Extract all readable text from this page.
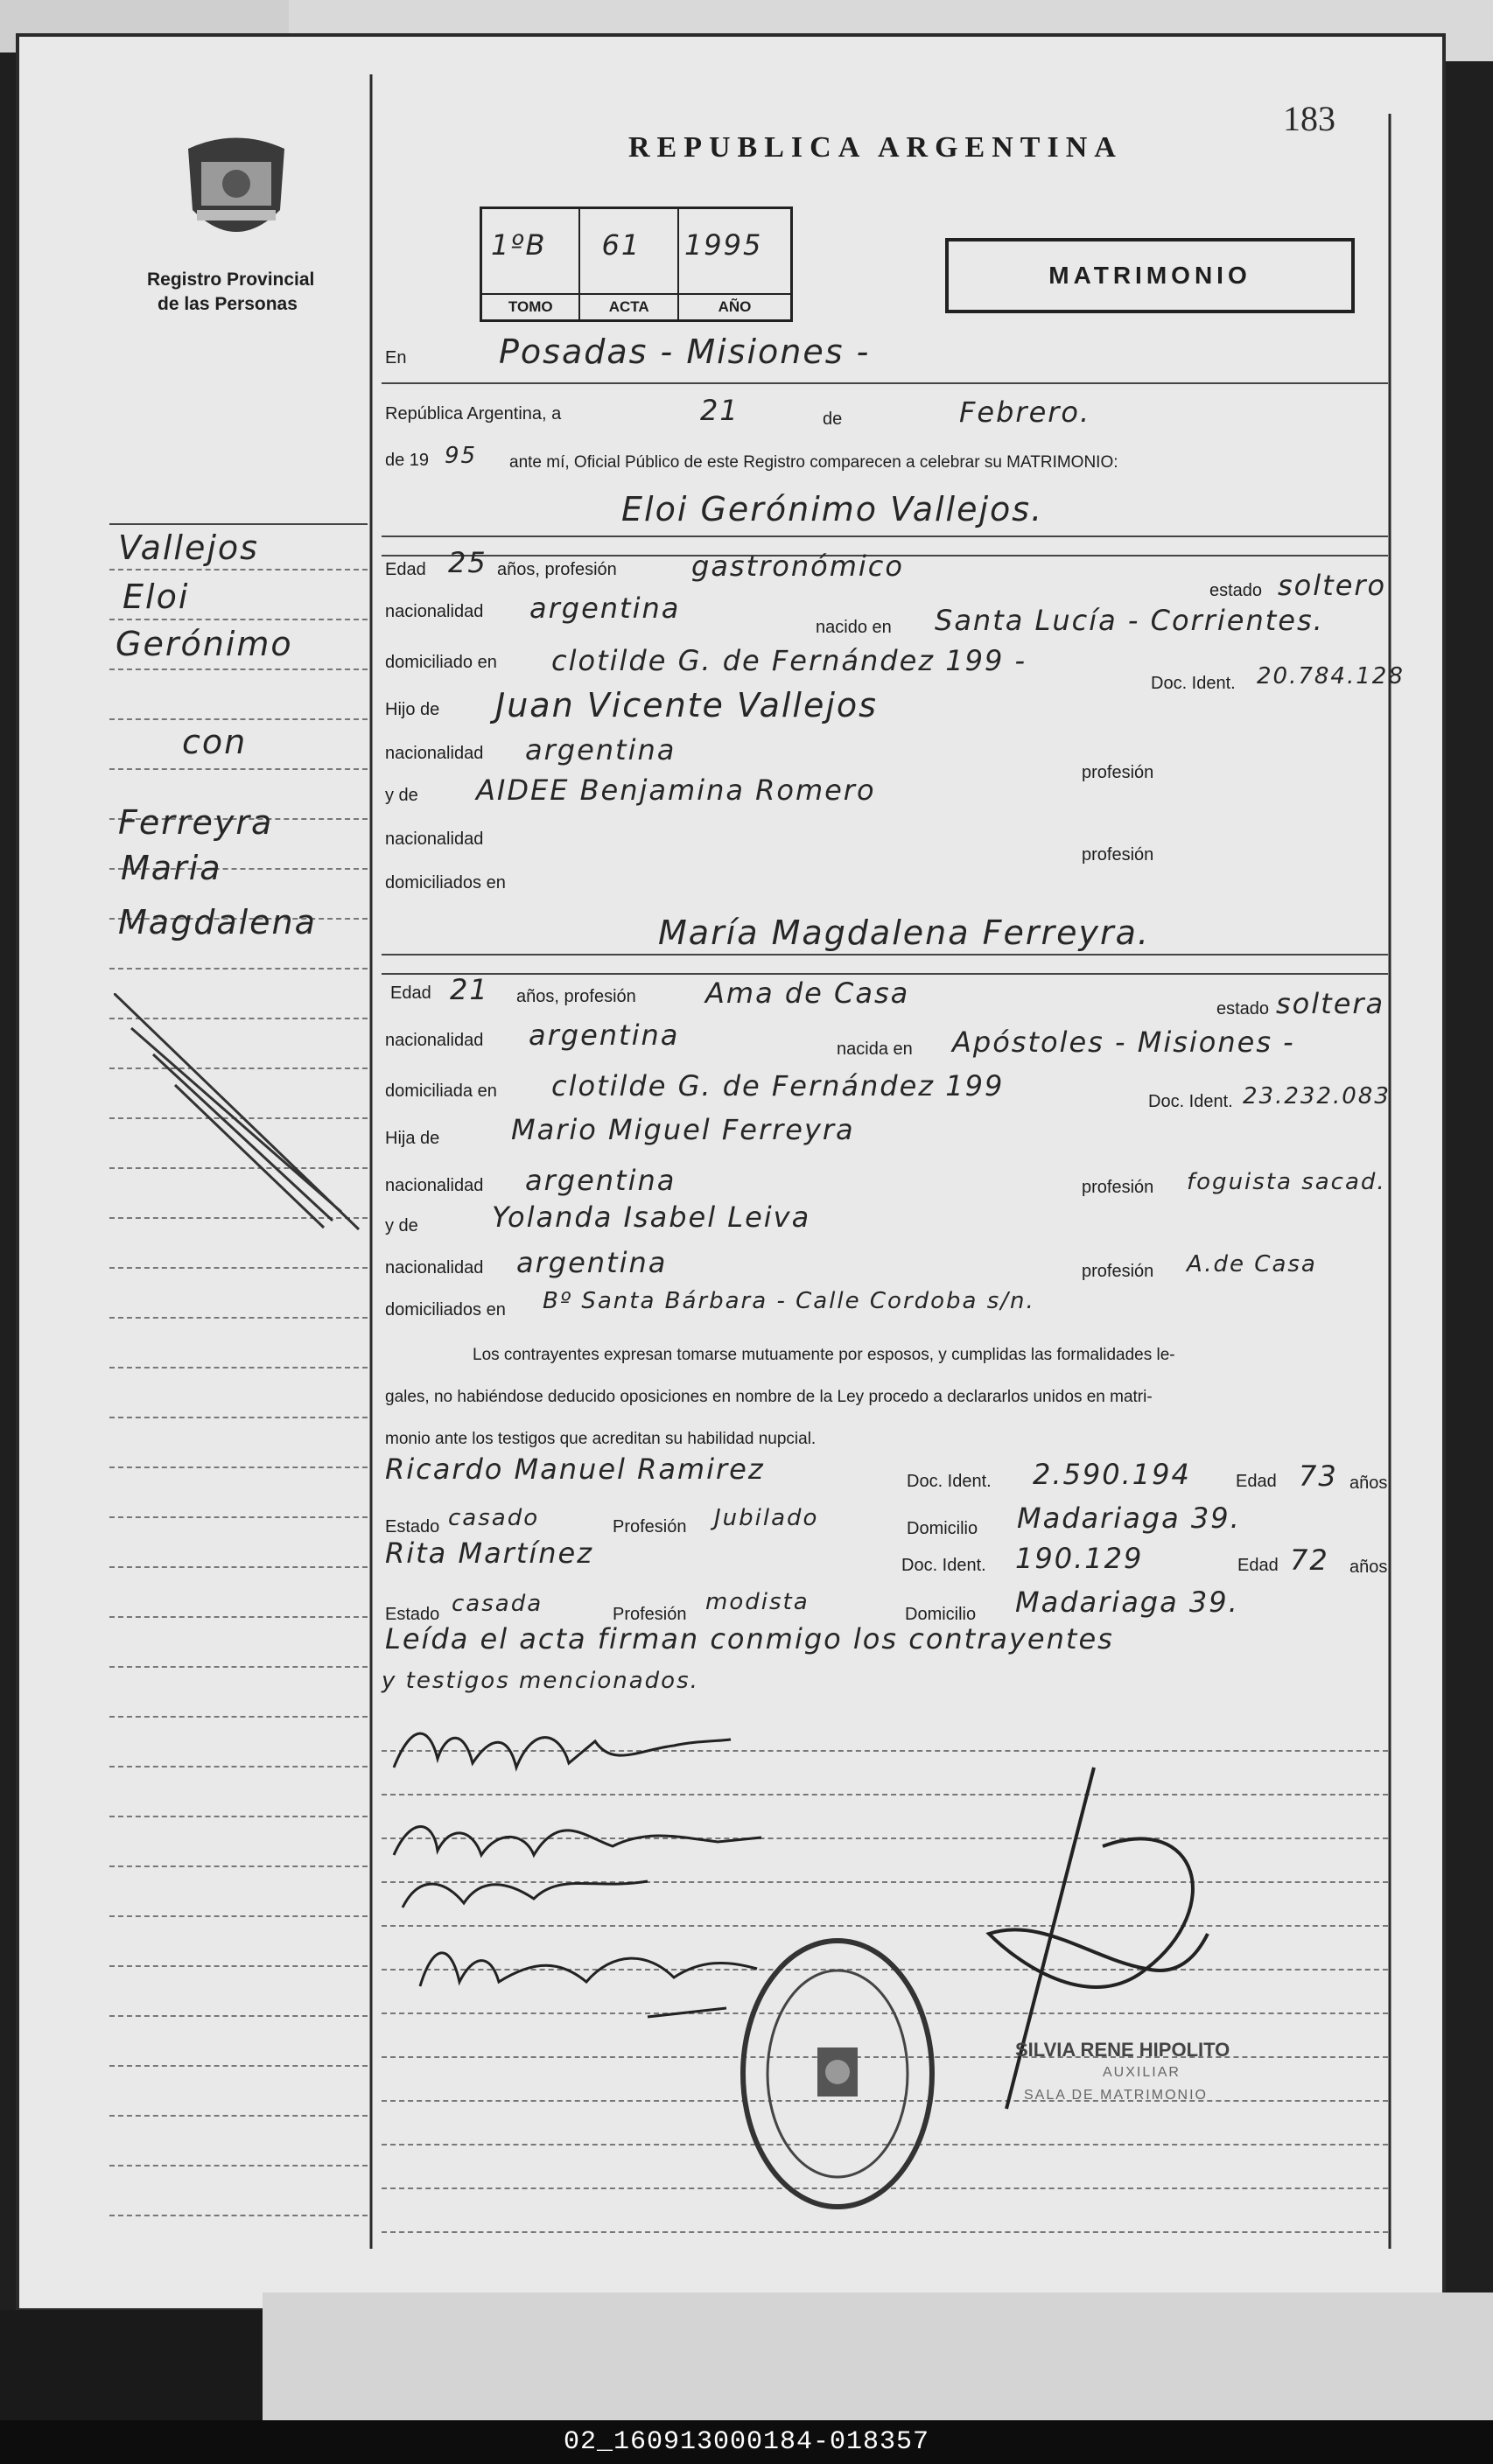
Registro Provincial
de las Personas
REPUBLICA ARGENTINA
183
1ºB
TOMO
61
ACTA
1995
AÑO
MATRIMONIO
Vallejos
Eloi
Gerónimo
con
Ferreyra
Maria
Magdalena
En	Posadas - Misiones -
República Argentina, a	21	de	Febrero.
de 19 95 ante mí, Oficial Público de este Registro comparecen a celebrar su MATRIMONIO:
Eloi Gerónimo Vallejos.
Edad 25 años, profesión	gastronómico
estado soltero
nacionalidad argentina
nacido en Santa Lucía - Corrientes.
domiciliado en clotilde G. de Fernández 199 -
Doc. Ident. 20.784.128
Hijo de Juan Vicente Vallejos
nacionalidad argentina
profesión
y de AIDEE Benjamina Romero
nacionalidad
profesión
domiciliados en
María Magdalena Ferreyra.
Edad 21 años, profesión Ama de Casa	estado soltera
nacionalidad argentina	nacida en Apóstoles - Misiones -
domiciliada en clotilde G. de Fernández 199	Doc. Ident. 23.232.083
Hija de	Mario Miguel Ferreyra
nacionalidad argentina	profesión foguista sacad.
y de	Yolanda Isabel Leiva
nacionalidad argentina	profesión A.de Casa
domiciliados en Bº Santa Bárbara - Calle Cordoba s/n.
Los contrayentes expresan tomarse mutuamente por esposos, y cumplidas las formalidades le-
gales, no habiéndose deducido oposiciones en nombre de la Ley procedo a declararlos unidos en matri-
monio ante los testigos que acreditan su habilidad nupcial.
Ricardo Manuel Ramirez	Doc. Ident. 2.590.194	Edad 73 años
Estado casado	Profesión Jubilado	Domicilio Madariaga 39.
Rita Martínez	Doc. Ident. 190.129	Edad 72 años
Estado casada	Profesión modista	Domicilio Madariaga 39.
Leída el acta firman conmigo los contrayentes
y testigos mencionados.
SILVIA RENE HIPOLITO
AUXILIAR
SALA DE MATRIMONIO
02_160913000184-018357
